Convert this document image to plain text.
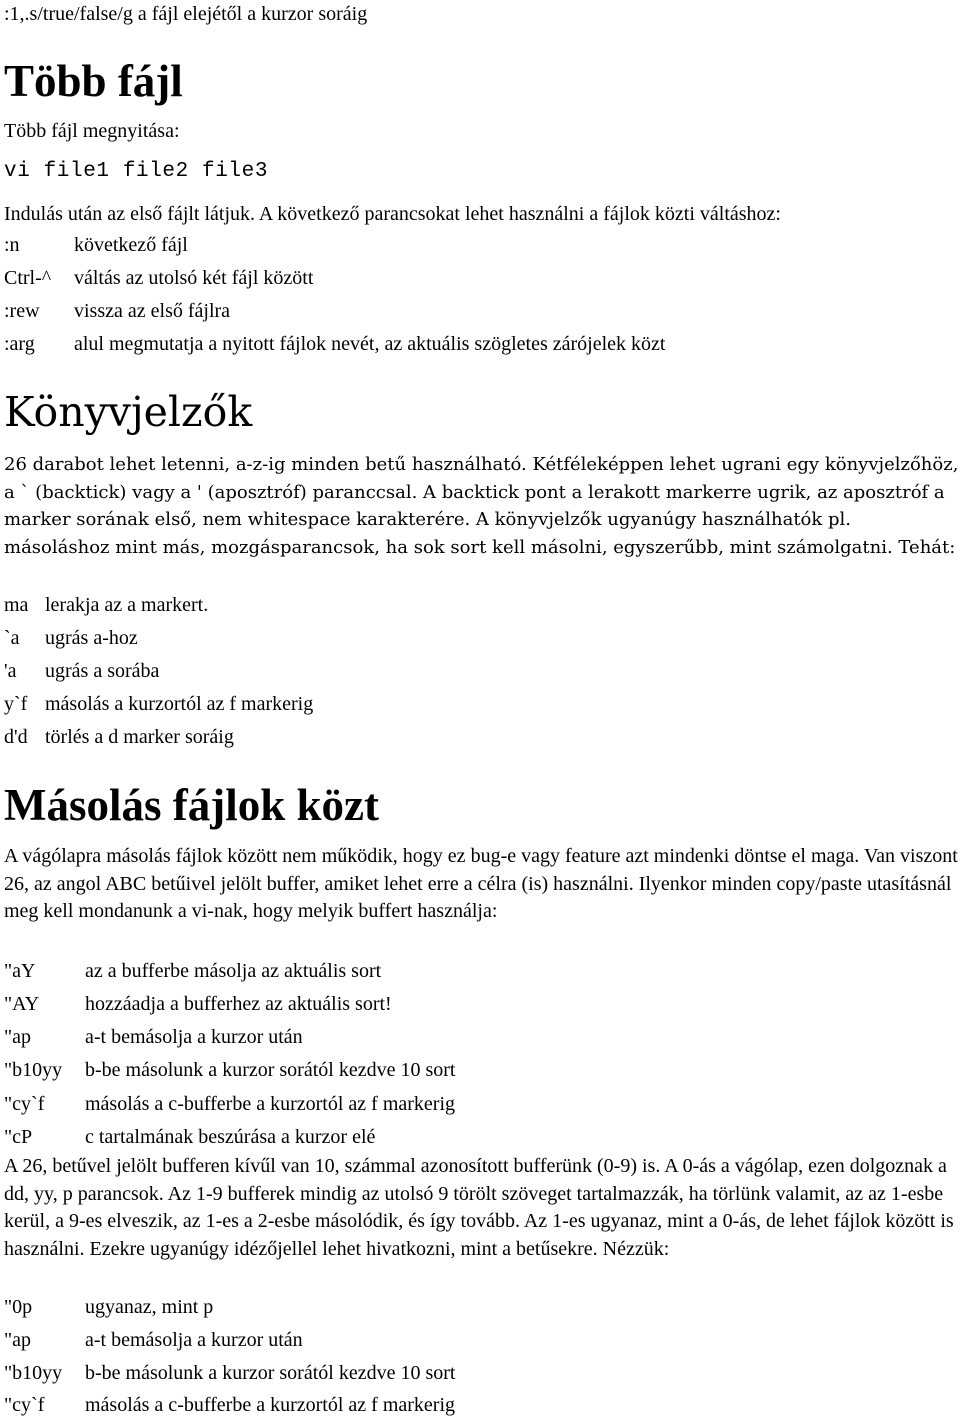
:1,.s/true/false/g a fájl elejétől a kurzor soráig
Több fájl
Több fájl megnyitása:
vi file1 file2 file3
Indulás után az első fájlt látjuk. A következő parancsokat lehet használni a fájlok közti váltáshoz:
:n	következő fájl
Ctrl-^ váltás az utolsó két fájl között
:rew vissza az első fájlra
:arg alul megmutatja a nyitott fájlok nevét, az aktuális szögletes zárójelek közt
Könyvjelzők
26 darabot lehet letenni, a-z-ig minden betű használható. Kétféleképpen lehet ugrani egy könyvjelzőhöz, a ` (backtick) vagy a ' (aposztróf) paranccsal. A backtick pont a lerakott markerre ugrik, az aposztróf a marker sorának első, nem whitespace karakterére. A könyvjelzők ugyanúgy használhatók pl. másoláshoz mint más, mozgásparancsok, ha sok sort kell másolni, egyszerűbb, mint számolgatni. Tehát:
ma lerakja az a markert.
`a ugrás a-hoz
'a ugrás a sorába
y`f másolás a kurzortól az f markerig
d'd törlés a d marker soráig
Másolás fájlok közt
A vágólapra másolás fájlok között nem működik, hogy ez bug-e vagy feature azt mindenki döntse el maga. Van viszont 26, az angol ABC betűivel jelölt buffer, amiket lehet erre a célra (is) használni. Ilyenkor minden copy/paste utasításnál meg kell mondanunk a vi-nak, hogy melyik buffert használja:
"aY az a bufferbe másolja az aktuális sort
"AY hozzáadja a bufferhez az aktuális sort!
"ap	a-t bemásolja a kurzor után
"b10yy b-be másolunk a kurzor sorától kezdve 10 sort
"cy`f másolás a c-bufferbe a kurzortól az f markerig
"cP	c tartalmának beszúrása a kurzor elé
A 26, betűvel jelölt bufferen kívűl van 10, számmal azonosított bufferünk (0-9) is. A 0-ás a vágólap, ezen dolgoznak a dd, yy, p parancsok. Az 1-9 bufferek mindig az utolsó 9 törölt szöveget tartalmazzák, ha törlünk valamit, az az 1-esbe kerül, a 9-es elveszik, az 1-es a 2-esbe másolódik, és így tovább. Az 1-es ugyanaz, mint a 0-ás, de lehet fájlok között is használni. Ezekre ugyanúgy idézőjellel lehet hivatkozni, mint a betűsekre. Nézzük:
"0p	ugyanaz, mint p
"ap	a-t bemásolja a kurzor után
"b10yy b-be másolunk a kurzor sorától kezdve 10 sort
"cy`f másolás a c-bufferbe a kurzortól az f markerig
